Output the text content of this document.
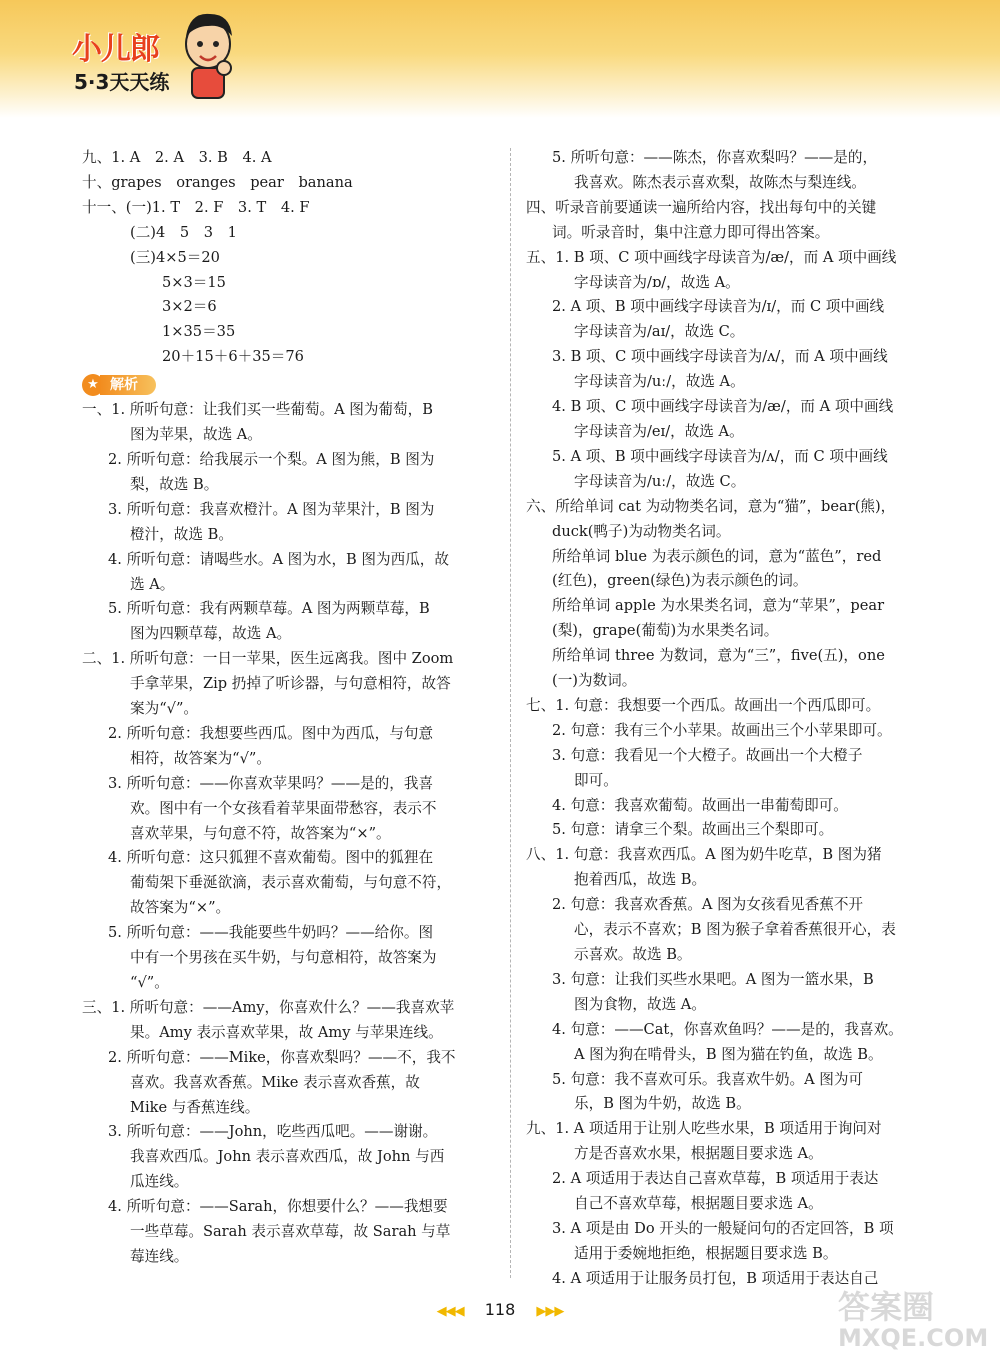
小儿郎
5·3天天练
九、1. A　2. A　3. B　4. A
十、grapes　oranges　pear　banana
十一、(一)1. T　2. F　3. T　4. F
(二)4　5　3　1
(三)4×5＝20
5×3＝15
3×2＝6
1×35＝35
20＋15＋6＋35＝76
★ 解析
一、1. 所听句意：让我们买一些葡萄。A 图为葡萄，B
图为苹果，故选 A。
2. 所听句意：给我展示一个梨。A 图为熊，B 图为
梨，故选 B。
3. 所听句意：我喜欢橙汁。A 图为苹果汁，B 图为
橙汁，故选 B。
4. 所听句意：请喝些水。A 图为水，B 图为西瓜，故
选 A。
5. 所听句意：我有两颗草莓。A 图为两颗草莓，B
图为四颗草莓，故选 A。
二、1. 所听句意：一日一苹果，医生远离我。图中 Zoom
手拿苹果，Zip 扔掉了听诊器，与句意相符，故答
案为“√”。
2. 所听句意：我想要些西瓜。图中为西瓜，与句意
相符，故答案为“√”。
3. 所听句意：——你喜欢苹果吗？——是的，我喜
欢。图中有一个女孩看着苹果面带愁容，表示不
喜欢苹果，与句意不符，故答案为“×”。
4. 所听句意：这只狐狸不喜欢葡萄。图中的狐狸在
葡萄架下垂涎欲滴，表示喜欢葡萄，与句意不符，
故答案为“×”。
5. 所听句意：——我能要些牛奶吗？——给你。图
中有一个男孩在买牛奶，与句意相符，故答案为
“√”。
三、1. 所听句意：——Amy，你喜欢什么？——我喜欢苹
果。Amy 表示喜欢苹果，故 Amy 与苹果连线。
2. 所听句意：——Mike，你喜欢梨吗？——不，我不
喜欢。我喜欢香蕉。Mike 表示喜欢香蕉，故
Mike 与香蕉连线。
3. 所听句意：——John，吃些西瓜吧。——谢谢。
我喜欢西瓜。John 表示喜欢西瓜，故 John 与西
瓜连线。
4. 所听句意：——Sarah，你想要什么？——我想要
一些草莓。Sarah 表示喜欢草莓，故 Sarah 与草
莓连线。
5. 所听句意：——陈杰，你喜欢梨吗？——是的，
我喜欢。陈杰表示喜欢梨，故陈杰与梨连线。
四、听录音前要通读一遍所给内容，找出每句中的关键
词。听录音时，集中注意力即可得出答案。
五、1. B 项、C 项中画线字母读音为/æ/，而 A 项中画线
字母读音为/ɒ/，故选 A。
2. A 项、B 项中画线字母读音为/ɪ/，而 C 项中画线
字母读音为/aɪ/，故选 C。
3. B 项、C 项中画线字母读音为/ʌ/，而 A 项中画线
字母读音为/uː/，故选 A。
4. B 项、C 项中画线字母读音为/æ/，而 A 项中画线
字母读音为/eɪ/，故选 A。
5. A 项、B 项中画线字母读音为/ʌ/，而 C 项中画线
字母读音为/uː/，故选 C。
六、所给单词 cat 为动物类名词，意为“猫”，bear(熊)，
duck(鸭子)为动物类名词。
所给单词 blue 为表示颜色的词，意为“蓝色”，red
(红色)，green(绿色)为表示颜色的词。
所给单词 apple 为水果类名词，意为“苹果”，pear
(梨)，grape(葡萄)为水果类名词。
所给单词 three 为数词，意为“三”，five(五)，one
(一)为数词。
七、1. 句意：我想要一个西瓜。故画出一个西瓜即可。
2. 句意：我有三个小苹果。故画出三个小苹果即可。
3. 句意：我看见一个大橙子。故画出一个大橙子
即可。
4. 句意：我喜欢葡萄。故画出一串葡萄即可。
5. 句意：请拿三个梨。故画出三个梨即可。
八、1. 句意：我喜欢西瓜。A 图为奶牛吃草，B 图为猪
抱着西瓜，故选 B。
2. 句意：我喜欢香蕉。A 图为女孩看见香蕉不开
心，表示不喜欢；B 图为猴子拿着香蕉很开心，表
示喜欢。故选 B。
3. 句意：让我们买些水果吧。A 图为一篮水果，B
图为食物，故选 A。
4. 句意：——Cat，你喜欢鱼吗？——是的，我喜欢。
A 图为狗在啃骨头，B 图为猫在钓鱼，故选 B。
5. 句意：我不喜欢可乐。我喜欢牛奶。A 图为可
乐，B 图为牛奶，故选 B。
九、1. A 项适用于让别人吃些水果，B 项适用于询问对
方是否喜欢水果，根据题目要求选 A。
2. A 项适用于表达自己喜欢草莓，B 项适用于表达
自己不喜欢草莓，根据题目要求选 A。
3. A 项是由 Do 开头的一般疑问句的否定回答，B 项
适用于委婉地拒绝，根据题目要求选 B。
4. A 项适用于让服务员打包，B 项适用于表达自己
◀◀◀ 118 ▶▶▶	答案圈
MXQE.COM
